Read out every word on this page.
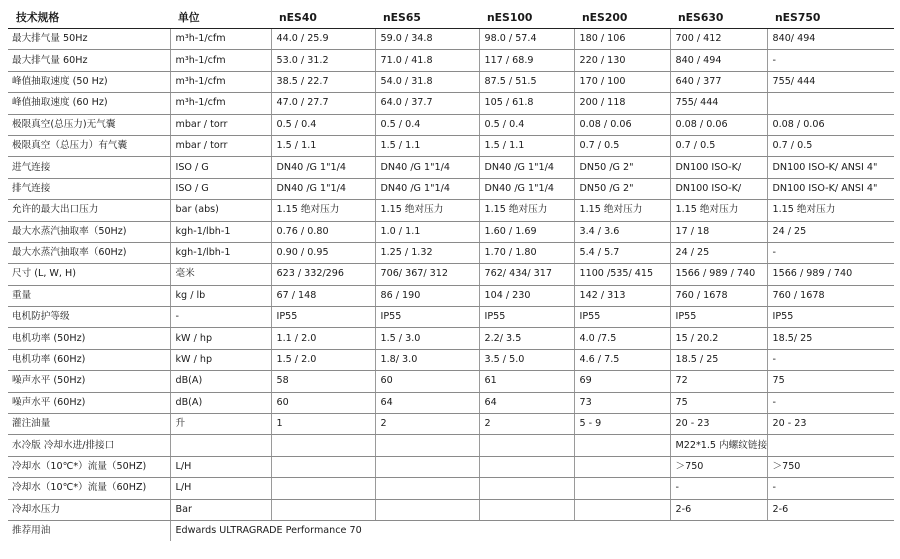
技术规格	单位	nES40	nES65	nES100	nES200	nES630	nES750
最大排气量 50Hz	m³h-1/cfm	44.0 / 25.9	59.0 / 34.8	98.0 / 57.4	180 / 106	700 / 412	840/ 494
最大排气量 60Hz	m³h-1/cfm	53.0 / 31.2	71.0 / 41.8	117 / 68.9	220 / 130	840 / 494	-
峰值抽取速度 (50 Hz)	m³h-1/cfm	38.5 / 22.7	54.0 / 31.8	87.5 / 51.5	170 / 100	640 / 377	755/ 444
峰值抽取速度 (60 Hz)	m³h-1/cfm	47.0 / 27.7	64.0 / 37.7	105 / 61.8	200 / 118	755/ 444	
极限真空(总压力)无气囊	mbar / torr	0.5 / 0.4	0.5 / 0.4	0.5 / 0.4	0.08 / 0.06	0.08 / 0.06	0.08 / 0.06
极限真空（总压力）有气囊	mbar / torr	1.5 / 1.1	1.5 / 1.1	1.5 / 1.1	0.7 / 0.5	0.7 / 0.5	0.7 / 0.5
进气连接	ISO / G	DN40 /G 1"1/4	DN40 /G 1"1/4	DN40 /G 1"1/4	DN50 /G 2"	DN100 ISO-K/	DN100 ISO-K/ ANSI 4"
排气连接	ISO / G	DN40 /G 1"1/4	DN40 /G 1"1/4	DN40 /G 1"1/4	DN50 /G 2"	DN100 ISO-K/	DN100 ISO-K/ ANSI 4"
允许的最大出口压力	bar (abs)	1.15 绝对压力	1.15 绝对压力	1.15 绝对压力	1.15 绝对压力	1.15 绝对压力	1.15 绝对压力
最大水蒸汽抽取率（50Hz)	kgh-1/lbh-1	0.76 / 0.80	1.0 / 1.1	1.60 / 1.69	3.4 / 3.6	17 / 18	24 / 25
最大水蒸汽抽取率（60Hz)	kgh-1/lbh-1	0.90 / 0.95	1.25 / 1.32	1.70 / 1.80	5.4 / 5.7	24 / 25	-
尺寸 (L, W, H)	毫米	623 / 332/296	706/ 367/ 312	762/ 434/ 317	1100 /535/ 415	1566 / 989 / 740	1566 / 989 / 740
重量	kg / lb	67 / 148	86 / 190	104 / 230	142 / 313	760 / 1678	760 / 1678
电机防护等级	-	IP55	IP55	IP55	IP55	IP55	IP55
电机功率 (50Hz)	kW / hp	1.1 / 2.0	1.5 / 3.0	2.2/ 3.5	4.0 /7.5	15 / 20.2	18.5/ 25
电机功率 (60Hz)	kW / hp	1.5 / 2.0	1.8/ 3.0	3.5 / 5.0	4.6 / 7.5	18.5 / 25	-
噪声水平 (50Hz)	dB(A)	58	60	61	69	72	75
噪声水平 (60Hz)	dB(A)	60	64	64	73	75	-
灌注油量	升	1	2	2	5 - 9	20 - 23	20 - 23
水冷版 冷却水进/排接口						M22*1.5 内螺纹链接	
冷却水（10℃*）流量（50HZ)	L/H					＞750	＞750
冷却水（10℃*）流量（60HZ)	L/H					-	-
冷却水压力	Bar					2-6	2-6
推荐用油	Edwards ULTRAGRADE Performance 70						
